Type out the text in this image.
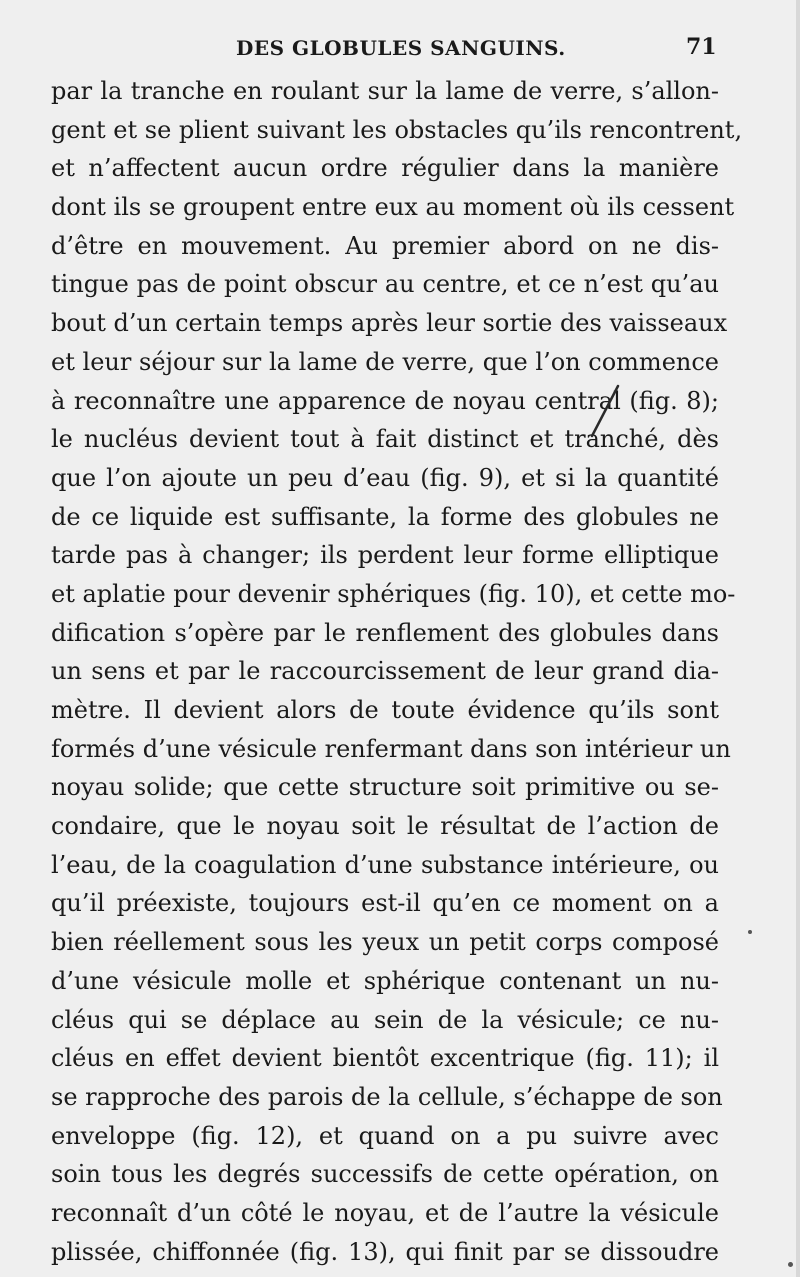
DES GLOBULES SANGUINS.	71
par la tranche en roulant sur la lame de verre, s’allon-
gent et se plient suivant les obstacles qu’ils rencontrent,
et n’affectent aucun ordre régulier dans la manière
dont ils se groupent entre eux au moment où ils cessent
d’être en mouvement. Au premier abord on ne dis-
tingue pas de point obscur au centre, et ce n’est qu’au
bout d’un certain temps après leur sortie des vaisseaux
et leur séjour sur la lame de verre, que l’on commence
à reconnaître une apparence de noyau central (fig. 8);
le nucléus devient tout à fait distinct et tranché, dès
que l’on ajoute un peu d’eau (fig. 9), et si la quantité
de ce liquide est suffisante, la forme des globules ne
tarde pas à changer; ils perdent leur forme elliptique
et aplatie pour devenir sphériques (fig. 10), et cette mo-
dification s’opère par le renflement des globules dans
un sens et par le raccourcissement de leur grand dia-
mètre. Il devient alors de toute évidence qu’ils sont
formés d’une vésicule renfermant dans son intérieur un
noyau solide; que cette structure soit primitive ou se-
condaire, que le noyau soit le résultat de l’action de
l’eau, de la coagulation d’une substance intérieure, ou
qu’il préexiste, toujours est-il qu’en ce moment on a
bien réellement sous les yeux un petit corps composé
d’une vésicule molle et sphérique contenant un nu-
cléus qui se déplace au sein de la vésicule; ce nu-
cléus en effet devient bientôt excentrique (fig. 11); il
se rapproche des parois de la cellule, s’échappe de son
enveloppe (fig. 12), et quand on a pu suivre avec
soin tous les degrés successifs de cette opération, on
reconnaît d’un côté le noyau, et de l’autre la vésicule
plissée, chiffonnée (fig. 13), qui finit par se dissoudre
